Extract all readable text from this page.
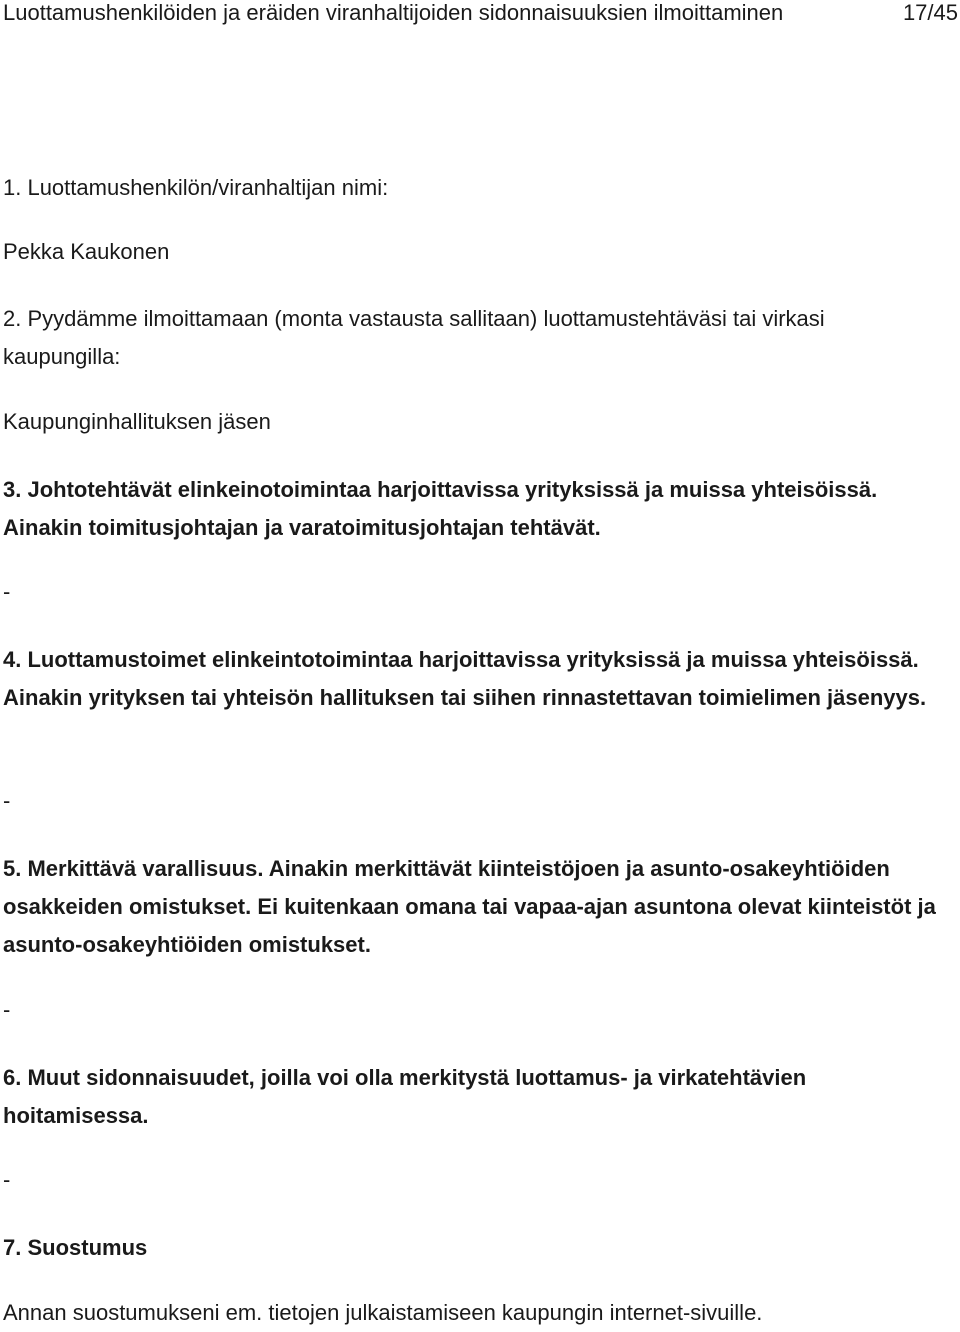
Luottamushenkilöiden ja eräiden viranhaltijoiden sidonnaisuuksien ilmoittaminen	17/45

1. Luottamushenkilön/viranhaltijan nimi:

Pekka Kaukonen

2. Pyydämme ilmoittamaan (monta vastausta sallitaan) luottamustehtäväsi tai virkasi kaupungilla:

Kaupunginhallituksen jäsen

3. Johtotehtävät elinkeinotoimintaa harjoittavissa yrityksissä ja muissa yhteisöissä. Ainakin toimitusjohtajan ja varatoimitusjohtajan tehtävät.

-

4. Luottamustoimet elinkeintotoimintaa harjoittavissa yrityksissä ja muissa yhteisöissä. Ainakin yrityksen tai yhteisön hallituksen tai siihen rinnastettavan toimielimen jäsenyys.

-

5. Merkittävä varallisuus. Ainakin merkittävät kiinteistöjoen ja asunto-osakeyhtiöiden osakkeiden omistukset. Ei kuitenkaan omana tai vapaa-ajan asuntona olevat kiinteistöt ja asunto-osakeyhtiöiden omistukset.

-

6. Muut sidonnaisuudet, joilla voi olla merkitystä luottamus- ja virkatehtävien hoitamisessa.

-

7. Suostumus

Annan suostumukseni em. tietojen julkaistamiseen kaupungin internet-sivuille.
